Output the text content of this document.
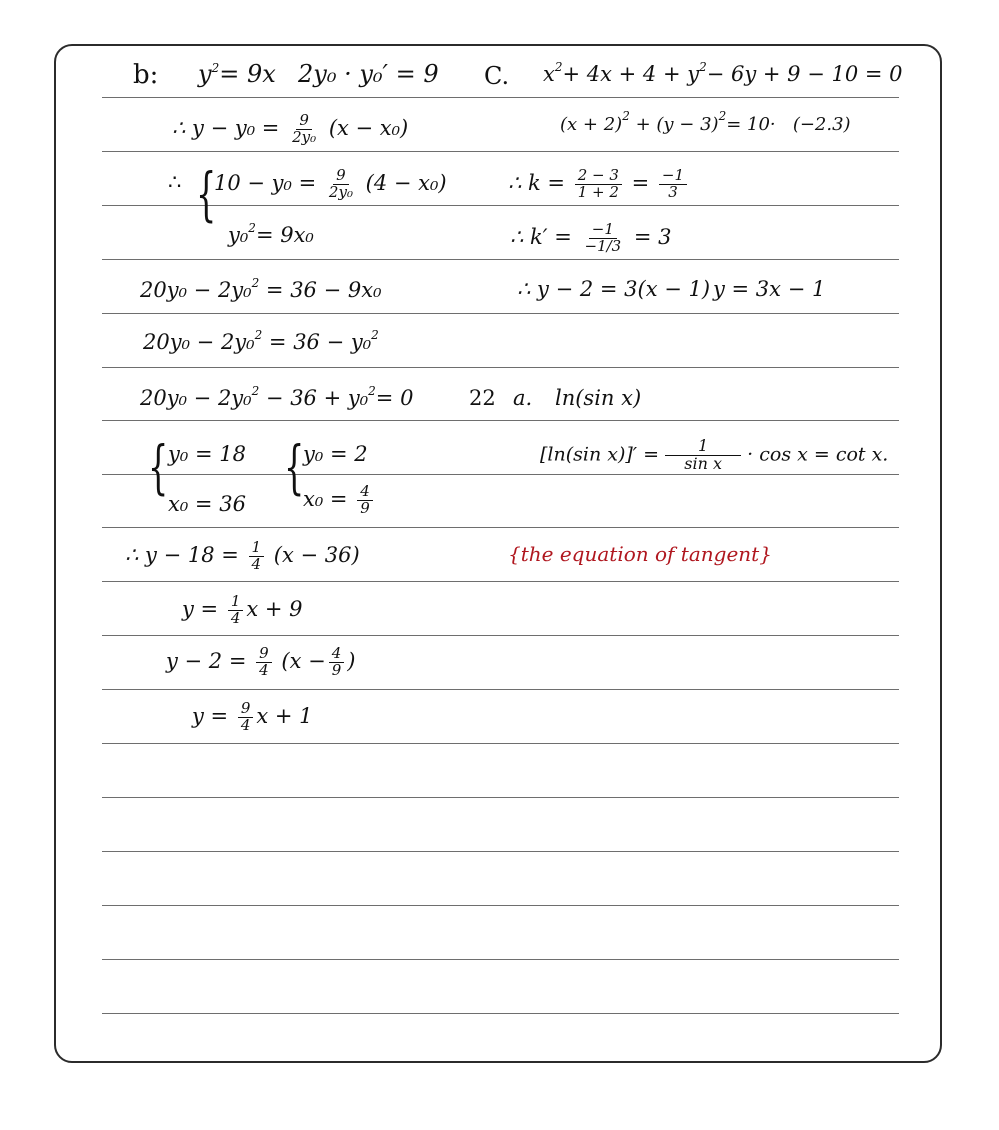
b: $y^2= 9x$ 2y₀ · y₀′ = 9
∴ $y - y_0 = \frac{9}{\text{2y₀}} (x - x_0)$
∴ {
$10 - y_0 = \frac{9}{\text{2y₀}} (4 - x_0)$
y₀$^2$= 9x₀
20y₀ − 2y₀$^2$ = 36 − 9x₀
20y₀ − 2y₀$^2$ = 36 − y₀$^2$
20y₀ − 2y₀$^2$ − 36 + y₀$^2$= 0
{ y₀ = 18
x₀ = 36
{
y₀ = 2
$x_0 = \frac{4}{9}$
∴ $y - 18 = \frac{1}{4} (x - 36)$
$y = \frac{1}{4}$ x + 9
$y - 2 = \frac{9}{4} (x - \frac{4}{9}$ )
$y = \frac{9}{4}$ x + 1
C. $x^2+ 4x + 4 + y^2- 6y + 9 - 10 = 0$
$(x + 2)^2 + (y - 3)^2= 10\cdot (-2.3)$
∴ $k = \frac{2 - 3}{1 + 2} = \frac{-1}{3}$
∴ $k' = \frac{-1}{-1/3} = 3$
∴ y − 2 = 3(x − 1) y = 3x − 1
22 a. ln(sin x)
[ln(sin $x)]' = \frac{1}{\text{sin x}} \cdot \cos x = \cot x$.
{the equation of tangent}
